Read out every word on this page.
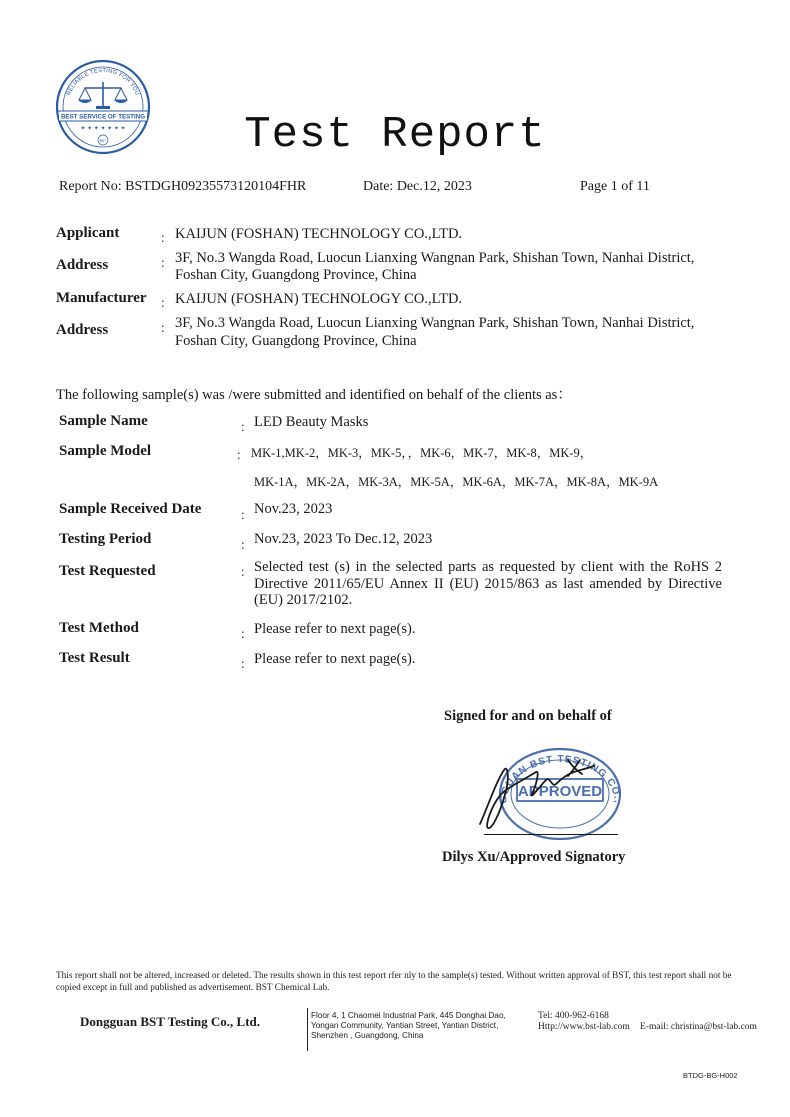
RELIABLE TESTING FOR YOU
BEST SERVICE OF TESTING
✦ ✦ ✦ ✦ ✦ ✦ ✦
BST	Test Report
Report No: BSTDGH09235573120104FHR	Date: Dec.12, 2023	Page 1 of 11
Applicant	： KAIJUN (FOSHAN) TECHNOLOGY CO.,LTD.
Address	： 3F, No.3 Wangda Road, Luocun Lianxing Wangnan Park, Shishan Town, Nanhai District,
Foshan City, Guangdong Province, China
Manufacturer ： KAIJUN (FOSHAN) TECHNOLOGY CO.,LTD.
Address	： 3F, No.3 Wangda Road, Luocun Lianxing Wangnan Park, Shishan Town, Nanhai District,
Foshan City, Guangdong Province, China
The following sample(s) was /were submitted and identified on behalf of the clients as：
Sample Name	： LED Beauty Masks
Sample Model	： MK-1,MK-2，MK-3，MK-5，，MK-6，MK-7，MK-8，MK-9，
MK-1A，MK-2A，MK-3A，MK-5A，MK-6A，MK-7A，MK-8A，MK-9A
Sample Received Date	： Nov.23, 2023
Testing Period	： Nov.23, 2023 To Dec.12, 2023
Test Requested	： Selected test (s) in the selected parts as requested by client with the RoHS 2 Directive 2011/65/EU Annex II (EU) 2015/863 as last amended by Directive (EU) 2017/2102.
Test Method	： Please refer to next page(s).
Test Result	： Please refer to next page(s).
Signed for and on behalf of
GGUAN BST TESTING CO.,
APPROVED
Dilys Xu/Approved Signatory
This report shall not be altered, increased or deleted. The results shown in this test report rfer nly to the sample(s) tested. Without written approval of BST, this test report shall not be copied except in full and published as advertisement. BST Chemical Lab.
Dongguan BST Testing Co., Ltd.	Floor 4, 1 Chaomei Industrial Park, 445 Donghai Dao, Yongan Community, Yantian Street, Yantian District, Shenzhen , Guangdong, China
Tel: 400-962-6168
Http://www.bst-lab.com E-mail: christina@bst-lab.com
BTDG-BG-H002
